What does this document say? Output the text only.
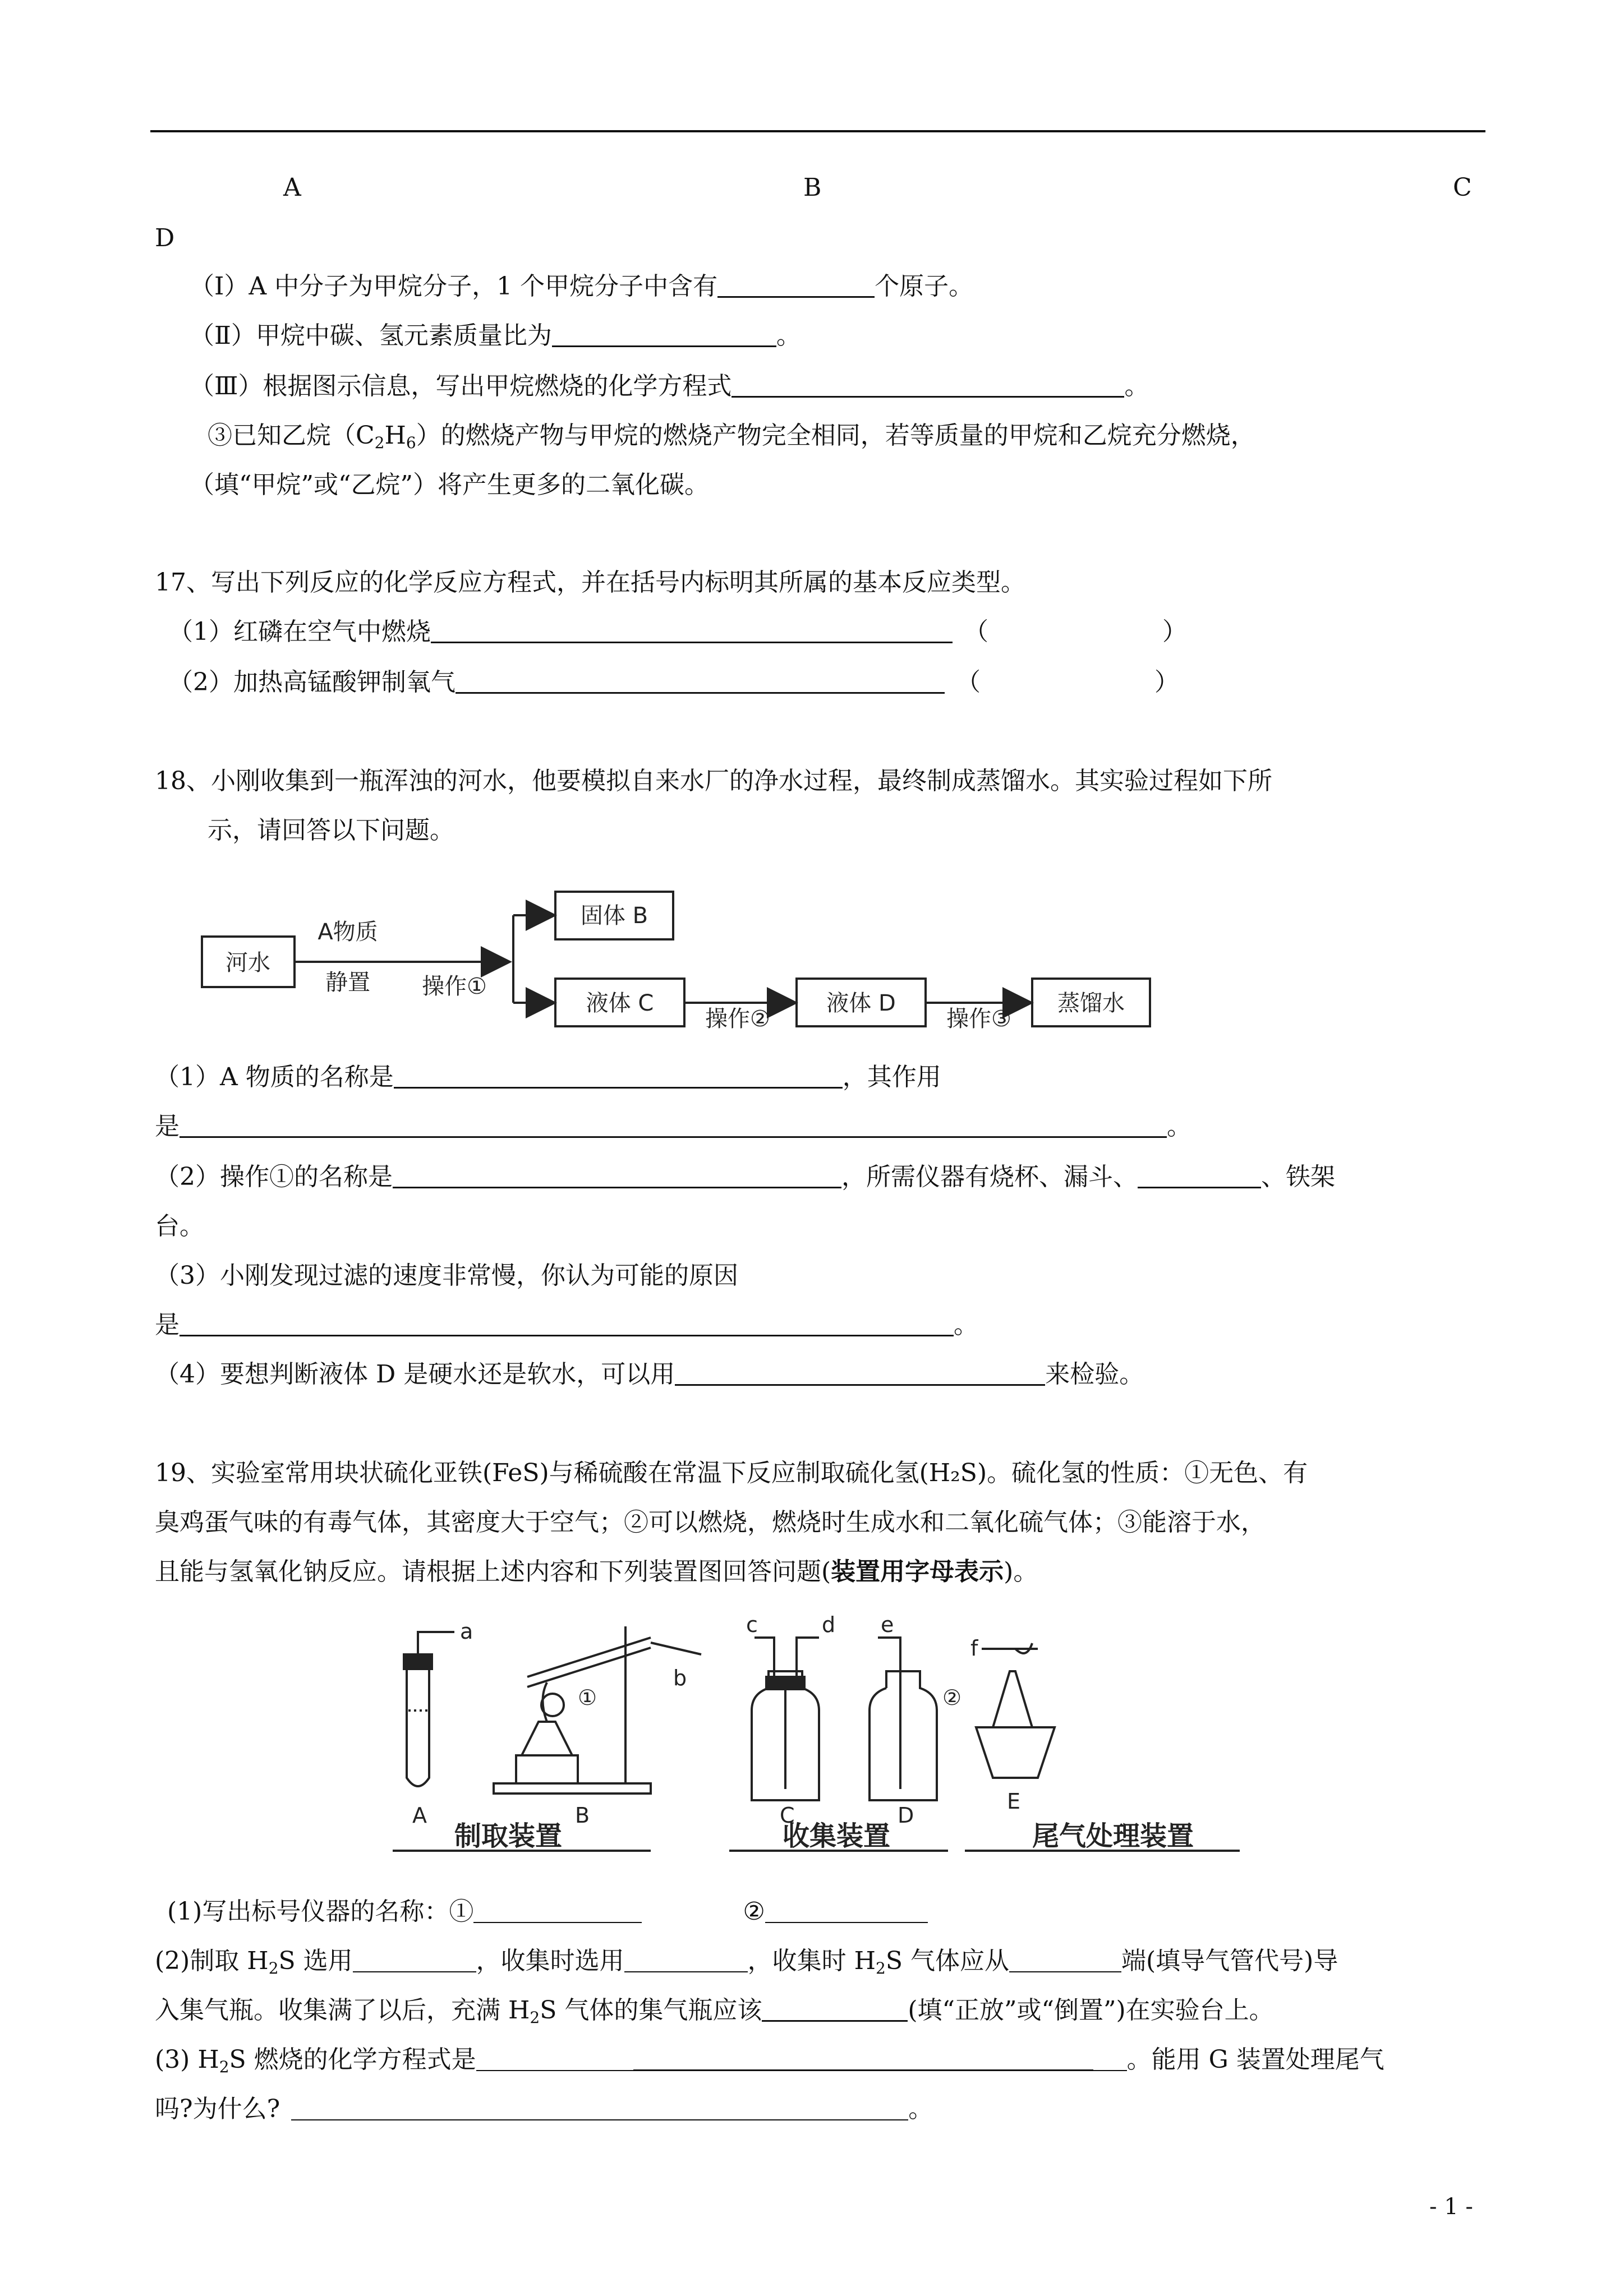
A	B	C
D
（Ⅰ）A 中分子为甲烷分子，1 个甲烷分子中含有	个原子。
（Ⅱ）甲烷中碳、氢元素质量比为	。
（Ⅲ）根据图示信息，写出甲烷燃烧的化学方程式	。
③已知乙烷$(C_2H_6)$的燃烧产物与甲烷的燃烧产物完全相同，若等质量的甲烷和乙烷充分燃烧，
（填“甲烷”或“乙烷”）将产生更多的二氧化碳。
17、写出下列反应的化学反应方程式，并在括号内标明其所属的基本反应类型。
（1）红磷在空气中燃烧	（	）
（2）加热高锰酸钾制氧气	（	）
18、小刚收集到一瓶浑浊的河水，他要模拟自来水厂的净水过程，最终制成蒸馏水。其实验过程如下所
示，请回答以下问题。
河水
A物质
静置 操作①
固体 B
液体 C
操作②
液体 D
操作③
蒸馏水
（1）A 物质的名称是	，其作用
是	。
（2）操作①的名称是	，所需仪器有烧杯、漏斗、	、铁架
台。
（3）小刚发现过滤的速度非常慢，你认为可能的原因
是	。
（4）要想判断液体 D 是硬水还是软水，可以用	来检验。
19、实验室常用块状硫化亚铁(FeS)与稀硫酸在常温下反应制取硫化氢(H₂S)。硫化氢的性质：①无色、有
臭鸡蛋气味的有毒气体，其密度大于空气；②可以燃烧，燃烧时生成水和二氧化硫气体；③能溶于水，
且能与氢氧化钠反应。请根据上述内容和下列装置图回答问题(装置用字母表示)。
a
b
c	d e
f
①	②
A	B	C	D
E
制取装置	收集装置	尾气处理装置
(1)写出标号仪器的名称：①	②
(2)制取 $H_2S$ 选用	，收集时选用	，收集时 $H_2S$ 气体应从	端(填导气管代号)导
入集气瓶。收集满了以后，充满 $H_2S$ 气体的集气瓶应该	(填“正放”或“倒置”)在实验台上。
(3) $H_2S$ 燃烧的化学方程式是	。能用 G 装置处理尾气
吗?为什么?	。
- 1 -
